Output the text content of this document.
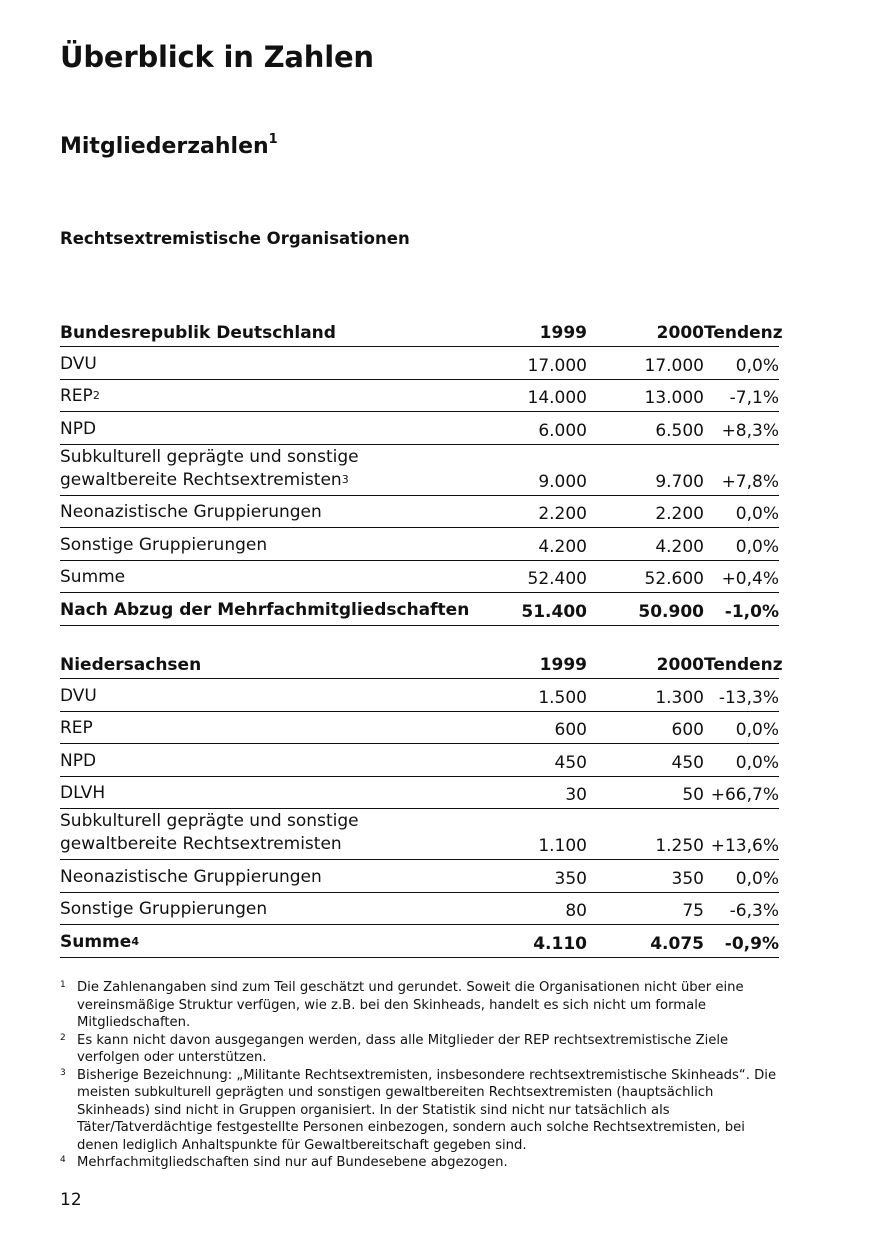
Überblick in Zahlen
Mitgliederzahlen$^1$
Rechtsextremistische Organisationen
Bundesrepublik Deutschland	1999	2000	Tendenz
DVU	17.000	17.000	0,0%
REP$^2$	14.000	13.000	-7,1%
NPD	6.000	6.500	+8,3%
Subkulturell geprägte und sonstige
gewaltbereite Rechtsextremisten$^3$	9.000	9.700	+7,8%
Neonazistische Gruppierungen	2.200	2.200	0,0%
Sonstige Gruppierungen	4.200	4.200	0,0%
Summe	52.400	52.600	+0,4%
Nach Abzug der Mehrfachmitgliedschaften	51.400	50.900	-1,0%
Niedersachsen	1999	2000	Tendenz
DVU	1.500	1.300	-13,3%
REP	600	600	0,0%
NPD	450	450	0,0%
DLVH	30	50	+66,7%
Subkulturell geprägte und sonstige
gewaltbereite Rechtsextremisten	1.100	1.250	+13,6%
Neonazistische Gruppierungen	350	350	0,0%
Sonstige Gruppierungen	80	75	-6,3%
Summe$^4$	4.110	4.075	-0,9%
1 Die Zahlenangaben sind zum Teil geschätzt und gerundet. Soweit die Organisationen nicht über eine vereinsmäßige Struktur verfügen, wie z.B. bei den Skinheads, handelt es sich nicht um formale Mitgliedschaften.
2 Es kann nicht davon ausgegangen werden, dass alle Mitglieder der REP rechtsextremistische Ziele verfolgen oder unterstützen.
3 Bisherige Bezeichnung: „Militante Rechtsextremisten, insbesondere rechtsextremistische Skinheads“. Die meisten subkulturell geprägten und sonstigen gewaltbereiten Rechtsextremisten (hauptsächlich Skinheads) sind nicht in Gruppen organisiert. In der Statistik sind nicht nur tatsächlich als Täter/Tatverdächtige festgestellte Personen einbezogen, sondern auch solche Rechtsextremisten, bei denen lediglich Anhaltspunkte für Gewaltbereitschaft gegeben sind.
4 Mehrfachmitgliedschaften sind nur auf Bundesebene abgezogen.
12
